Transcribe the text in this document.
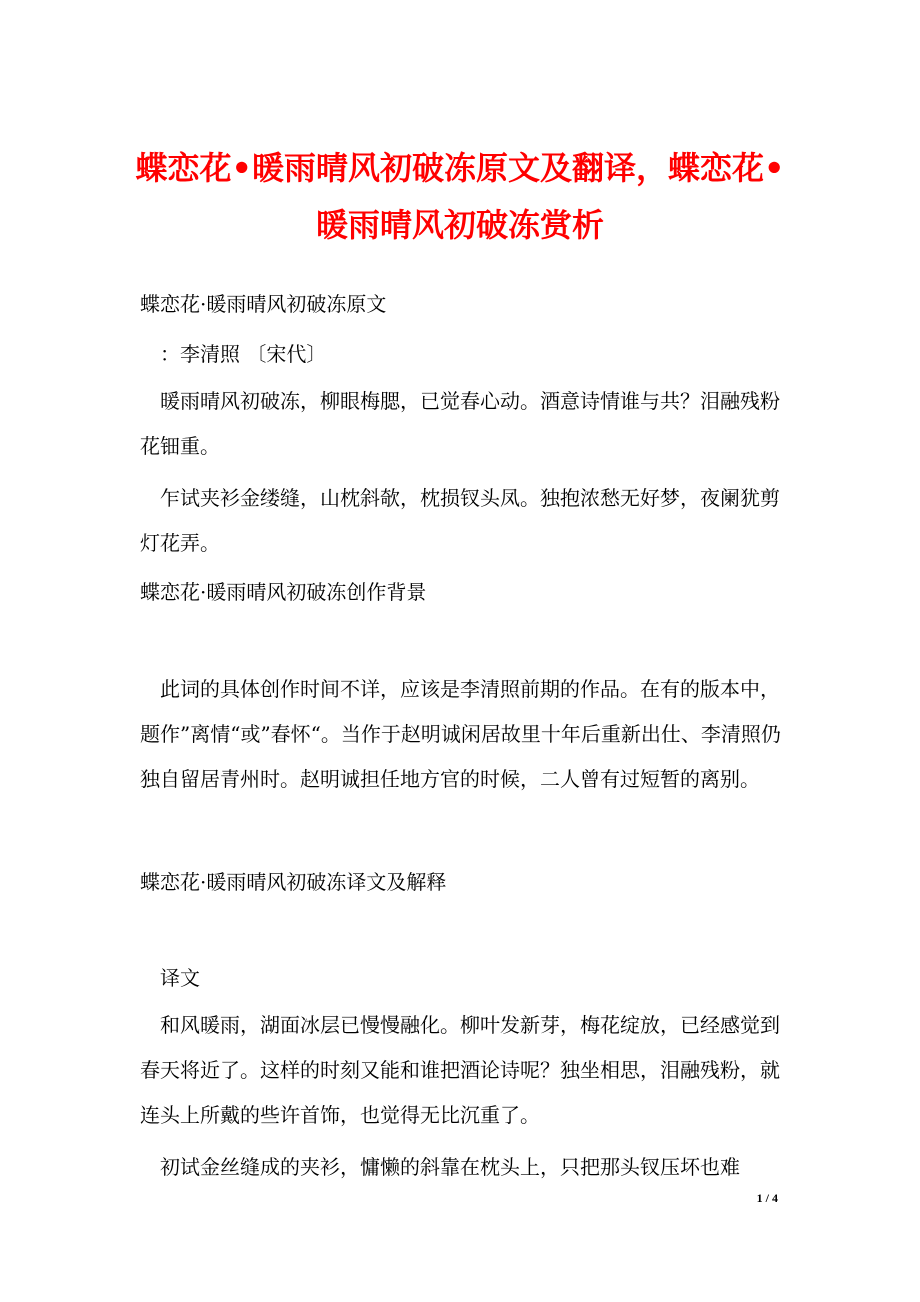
蝶恋花•暖雨晴风初破冻原文及翻译，蝶恋花•暖雨晴风初破冻赏析

蝶恋花·暖雨晴风初破冻原文

：李清照 〔宋代〕

暖雨晴风初破冻，柳眼梅腮，已觉春心动。酒意诗情谁与共？泪融残粉花钿重。

乍试夹衫金缕缝，山枕斜欹，枕损钗头凤。独抱浓愁无好梦，夜阑犹剪灯花弄。

蝶恋花·暖雨晴风初破冻创作背景

此词的具体创作时间不详，应该是李清照前期的作品。在有的版本中，题作”离情“或”春怀“。当作于赵明诚闲居故里十年后重新出仕、李清照仍独自留居青州时。赵明诚担任地方官的时候，二人曾有过短暂的离别。

蝶恋花·暖雨晴风初破冻译文及解释

译文

和风暖雨，湖面冰层已慢慢融化。柳叶发新芽，梅花绽放，已经感觉到春天将近了。这样的时刻又能和谁把酒论诗呢？独坐相思，泪融残粉，就连头上所戴的些许首饰，也觉得无比沉重了。

初试金丝缝成的夹衫，慵懒的斜靠在枕头上，只把那头钗压坏也难

1 / 4
